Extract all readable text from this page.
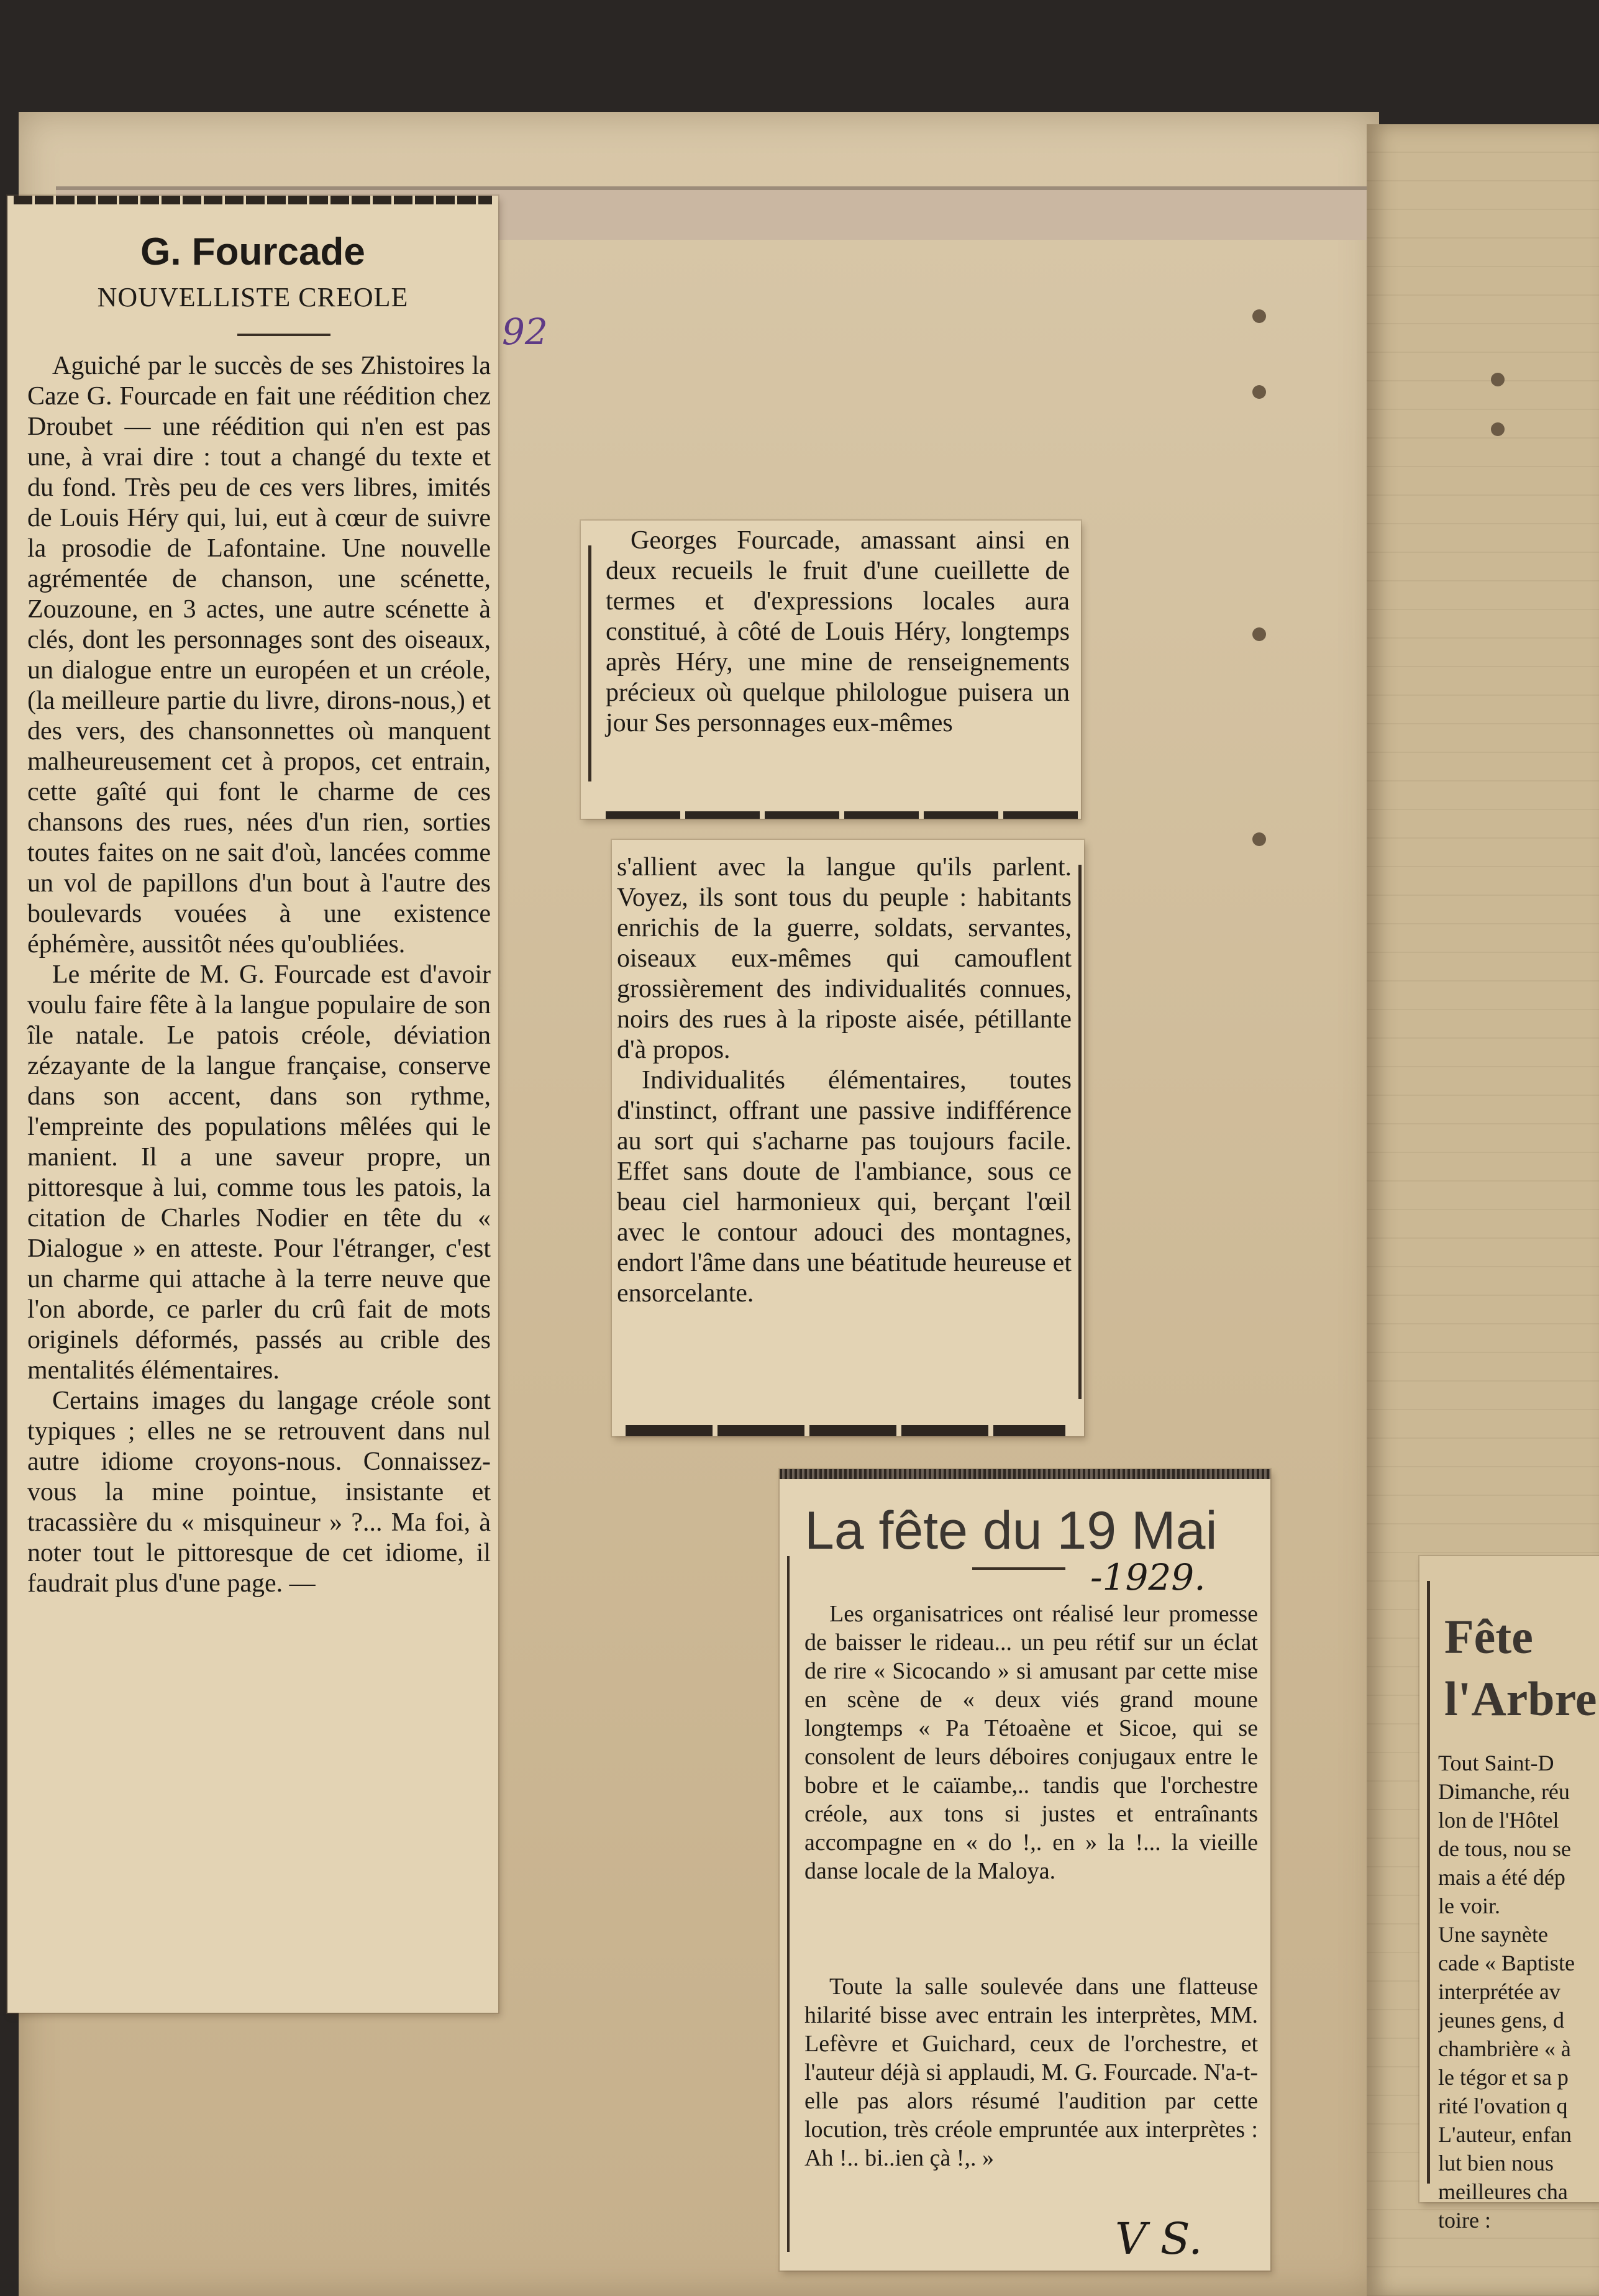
92
G. Fourcade
NOUVELLISTE CREOLE

Aguiché par le succès de ses Zhistoires la Caze G. Fourcade en fait une réédition chez Droubet — une réédition qui n'en est pas une, à vrai dire : tout a changé du texte et du fond. Très peu de ces vers libres, imités de Louis Héry qui, lui, eut à cœur de suivre la prosodie de Lafontaine. Une nouvelle agrémentée de chanson, une scénette, Zouzoune, en 3 actes, une autre scénette à clés, dont les personnages sont des oiseaux, un dialogue entre un européen et un créole, (la meilleure partie du livre, dirons-nous,) et des vers, des chansonnettes où manquent malheureusement cet à propos, cet entrain, cette gaîté qui font le charme de ces chansons des rues, nées d'un rien, sorties toutes faites on ne sait d'où, lancées comme un vol de papillons d'un bout à l'autre des boulevards vouées à une existence éphémère, aussitôt nées qu'oubliées.

Le mérite de M. G. Fourcade est d'avoir voulu faire fête à la langue populaire de son île natale. Le patois créole, déviation zézayante de la langue française, conserve dans son accent, dans son rythme, l'empreinte des populations mêlées qui le manient. Il a une saveur propre, un pittoresque à lui, comme tous les patois, la citation de Charles Nodier en tête du « Dialogue » en atteste. Pour l'étranger, c'est un charme qui attache à la terre neuve que l'on aborde, ce parler du crû fait de mots originels déformés, passés au crible des mentalités élémentaires.

Certains images du langage créole sont typiques ; elles ne se retrouvent dans nul autre idiome croyons-nous. Connaissez-vous la mine pointue, insistante et tracassière du « misquineur » ?... Ma foi, à noter tout le pittoresque de cet idiome, il faudrait plus d'une page. —

Georges Fourcade, amassant ainsi en deux recueils le fruit d'une cueillette de termes et d'expressions locales aura constitué, à côté de Louis Héry, longtemps après Héry, une mine de renseignements précieux où quelque philologue puisera un jour Ses personnages eux-mêmes

s'allient avec la langue qu'ils parlent. Voyez, ils sont tous du peuple : habitants enrichis de la guerre, soldats, servantes, oiseaux eux-mêmes qui camouflent grossièrement des individualités connues, noirs des rues à la riposte aisée, pétillante d'à propos.

Individualités élémentaires, toutes d'instinct, offrant une passive indifférence au sort qui s'acharne pas toujours facile. Effet sans doute de l'ambiance, sous ce beau ciel harmonieux qui, berçant l'œil avec le contour adouci des montagnes, endort l'âme dans une béatitude heureuse et ensorcelante.

La fête du 19 Mai
-1929.

Les organisatrices ont réalisé leur promesse de baisser le rideau... un peu rétif sur un éclat de rire « Sicocando » si amusant par cette mise en scène de « deux viés grand moune longtemps « Pa Tétoaène et Sicoe, qui se consolent de leurs déboires conjugaux entre le bobre et le caïambe,.. tandis que l'orchestre créole, aux tons si justes et entraînants accompagne en « do !,. en » la !... la vieille danse locale de la Maloya.

Toute la salle soulevée dans une flatteuse hilarité bisse avec entrain les interprètes, MM. Lefèvre et Guichard, ceux de l'orchestre, et l'auteur déjà si applaudi, M. G. Fourcade. N'a-t-elle pas alors résumé l'audition par cette locution, très créole empruntée aux interprètes : Ah !.. bi..ien çà !,. »

V S.
Fête
l'Arbre

Tout Saint-D

Dimanche, réu

lon de l'Hôtel

de tous, nou se

mais a été dép

le voir.

Une saynète

cade « Baptiste

interprétée av

jeunes gens, d

chambrière « à

le tégor et sa p

rité l'ovation q

L'auteur, enfan

lut bien nous

meilleures cha

toire :
